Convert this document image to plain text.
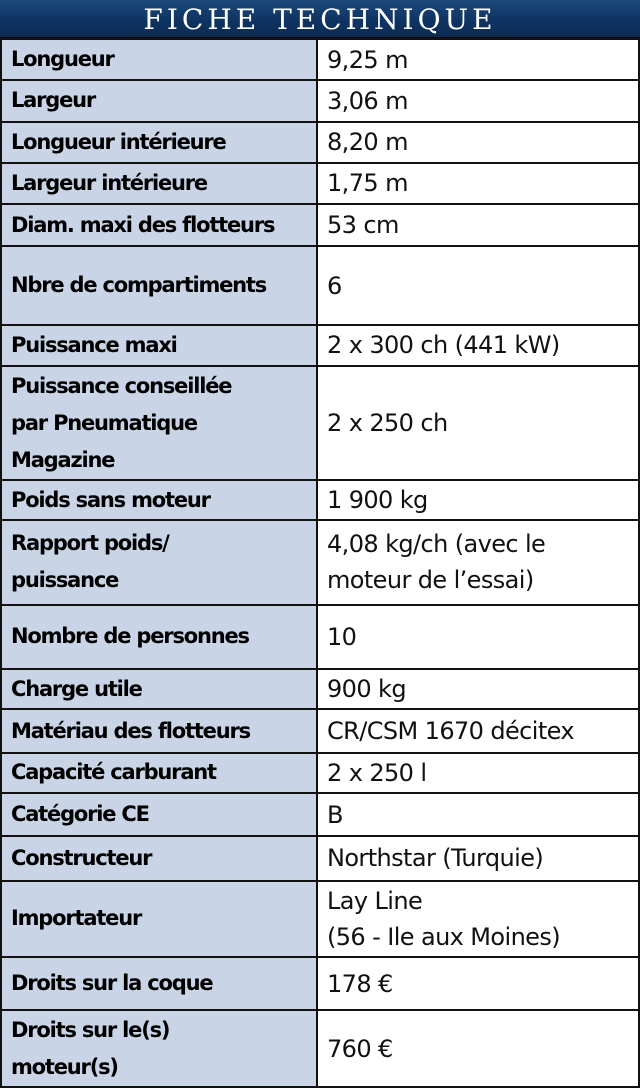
FICHE TECHNIQUE
Longueur	9,25 m

Largeur	3,06 m

Longueur intérieure	8,20 m

Largeur intérieure	1,75 m

Diam. maxi des flotteurs	53 cm

Nbre de compartiments	6

Puissance maxi	2 x 300 ch (441 kW)

Puissance conseillée
par Pneumatique
Magazine	2 x 250 ch

Poids sans moteur	1 900 kg

Rapport poids/
puissance	4,08 kg/ch (avec le
moteur de l’essai)

Nombre de personnes	10

Charge utile	900 kg

Matériau des flotteurs	CR/CSM 1670 décitex

Capacité carburant	2 x 250 l

Catégorie CE	B

Constructeur	Northstar (Turquie)

Importateur	Lay Line
(56 - Ile aux Moines)

Droits sur la coque	178 €

Droits sur le(s)
moteur(s)	760 €
